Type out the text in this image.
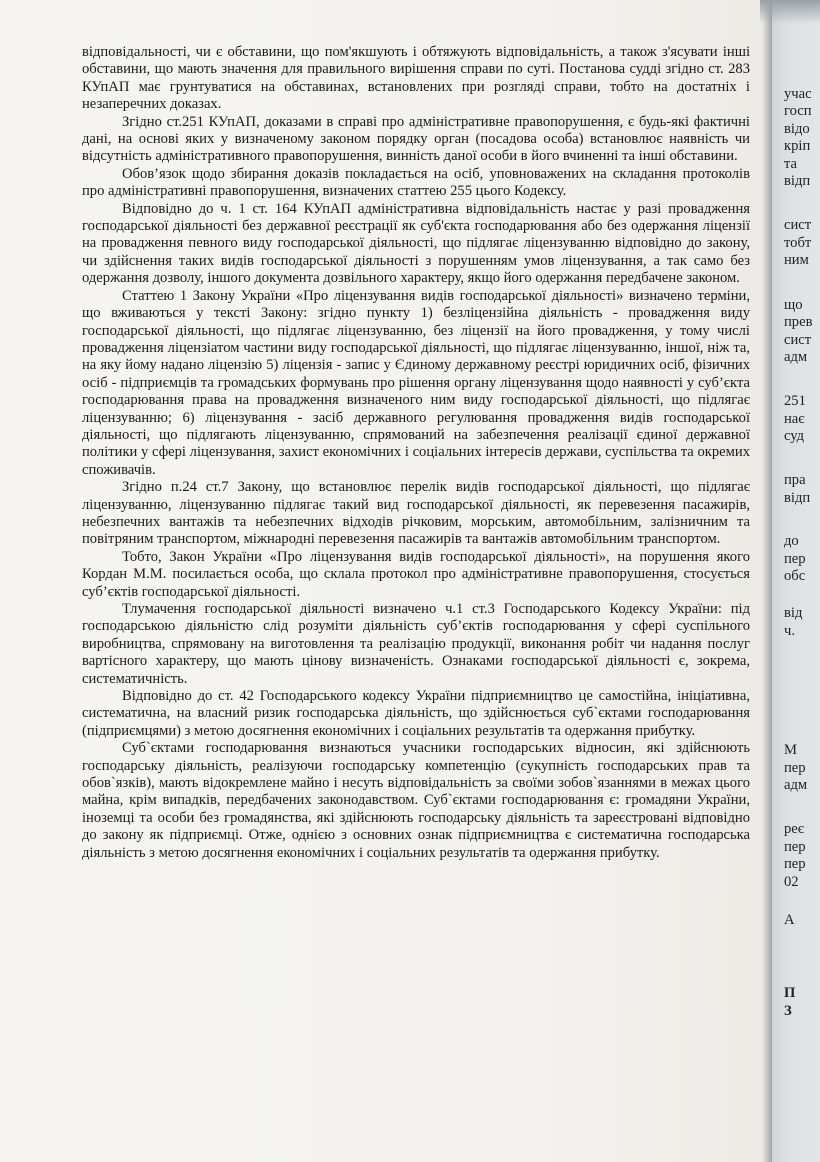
відповідальності, чи є обставини, що пом'якшують і обтяжують відповідальність, а також з'ясувати інші обставини, що мають значення для правильного вирішення справи по суті. Постанова судді згідно ст. 283 КУпАП має грунтуватися на обставинах, встановлених при розгляді справи, тобто на достатніх і незаперечних доказах.

Згідно ст.251 КУпАП, доказами в справі про адміністративне правопорушення, є будь-які фактичні дані, на основі яких у визначеному законом порядку орган (посадова особа) встановлює наявність чи відсутність адміністративного правопорушення, винність даної особи в його вчиненні та інші обставини.

Обов’язок щодо збирання доказів покладається на осіб, уповноважених на складання протоколів про адміністративні правопорушення, визначених статтею 255 цього Кодексу.

Відповідно до ч. 1 ст. 164 КУпАП адміністративна відповідальність настає у разі провадження господарської діяльності без державної реєстрації як суб'єкта господарювання або без одержання ліцензії на провадження певного виду господарської діяльності, що підлягає ліцензуванню відповідно до закону, чи здійснення таких видів господарської діяльності з порушенням умов ліцензування, а так само без одержання дозволу, іншого документа дозвільного характеру, якщо його одержання передбачене законом.

Статтею 1 Закону України «Про ліцензування видів господарської діяльності» визначено терміни, що вживаються у тексті Закону: згідно пункту 1) безліцензійна діяльність - провадження виду господарської діяльності, що підлягає ліцензуванню, без ліцензії на його провадження, у тому числі провадження ліцензіатом частини виду господарської діяльності, що підлягає ліцензуванню, іншої, ніж та, на яку йому надано ліцензію 5) ліцензія - запис у Єдиному державному реєстрі юридичних осіб, фізичних осіб - підприємців та громадських формувань про рішення органу ліцензування щодо наявності у суб’єкта господарювання права на провадження визначеного ним виду господарської діяльності, що підлягає ліцензуванню; 6) ліцензування - засіб державного регулювання провадження видів господарської діяльності, що підлягають ліцензуванню, спрямований на забезпечення реалізації єдиної державної політики у сфері ліцензування, захист економічних і соціальних інтересів держави, суспільства та окремих споживачів.

Згідно п.24 ст.7 Закону, що встановлює перелік видів господарської діяльності, що підлягає ліцензуванню, ліцензуванню підлягає такий вид господарської діяльності, як перевезення пасажирів, небезпечних вантажів та небезпечних відходів річковим, морським, автомобільним, залізничним та повітряним транспортом, міжнародні перевезення пасажирів та вантажів автомобільним транспортом.

Тобто, Закон України «Про ліцензування видів господарської діяльності», на порушення якого Кордан М.М. посилається особа, що склала протокол про адміністративне правопорушення, стосується суб’єктів господарської діяльності.

Тлумачення господарської діяльності визначено ч.1 ст.3 Господарського Кодексу України: під господарською діяльністю слід розуміти діяльність суб’єктів господарювання у сфері суспільного виробництва, спрямовану на виготовлення та реалізацію продукції, виконання робіт чи надання послуг вартісного характеру, що мають цінову визначеність. Ознаками господарської діяльності є, зокрема, систематичність.

Відповідно до ст. 42 Господарського кодексу України підприємництво це самостійна, ініціативна, систематична, на власний ризик господарська діяльність, що здійснюється суб`єктами господарювання (підприємцями) з метою досягнення економічних і соціальних результатів та одержання прибутку.

Суб`єктами господарювання визнаються учасники господарських відносин, які здійснюють господарську діяльність, реалізуючи господарську компетенцію (сукупність господарських прав та обов`язків), мають відокремлене майно і несуть відповідальність за своїми зобов`язаннями в межах цього майна, крім випадків, передбачених законодавством. Суб`єктами господарювання є: громадяни України, іноземці та особи без громадянства, які здійснюють господарську діяльність та зареєстровані відповідно до закону як підприємці. Отже, однією з основних ознак підприємництва є систематична господарська діяльність з метою досягнення економічних і соціальних результатів та одержання прибутку.

учас
госп
відо
кріп
та
відп
сист
тобт
ним
що
прев
сист
адм
251
нає
суд
пра
відп
до
пер
обс
від
ч.
М
пер
адм
реє
пер
пер
02
А
П
З
